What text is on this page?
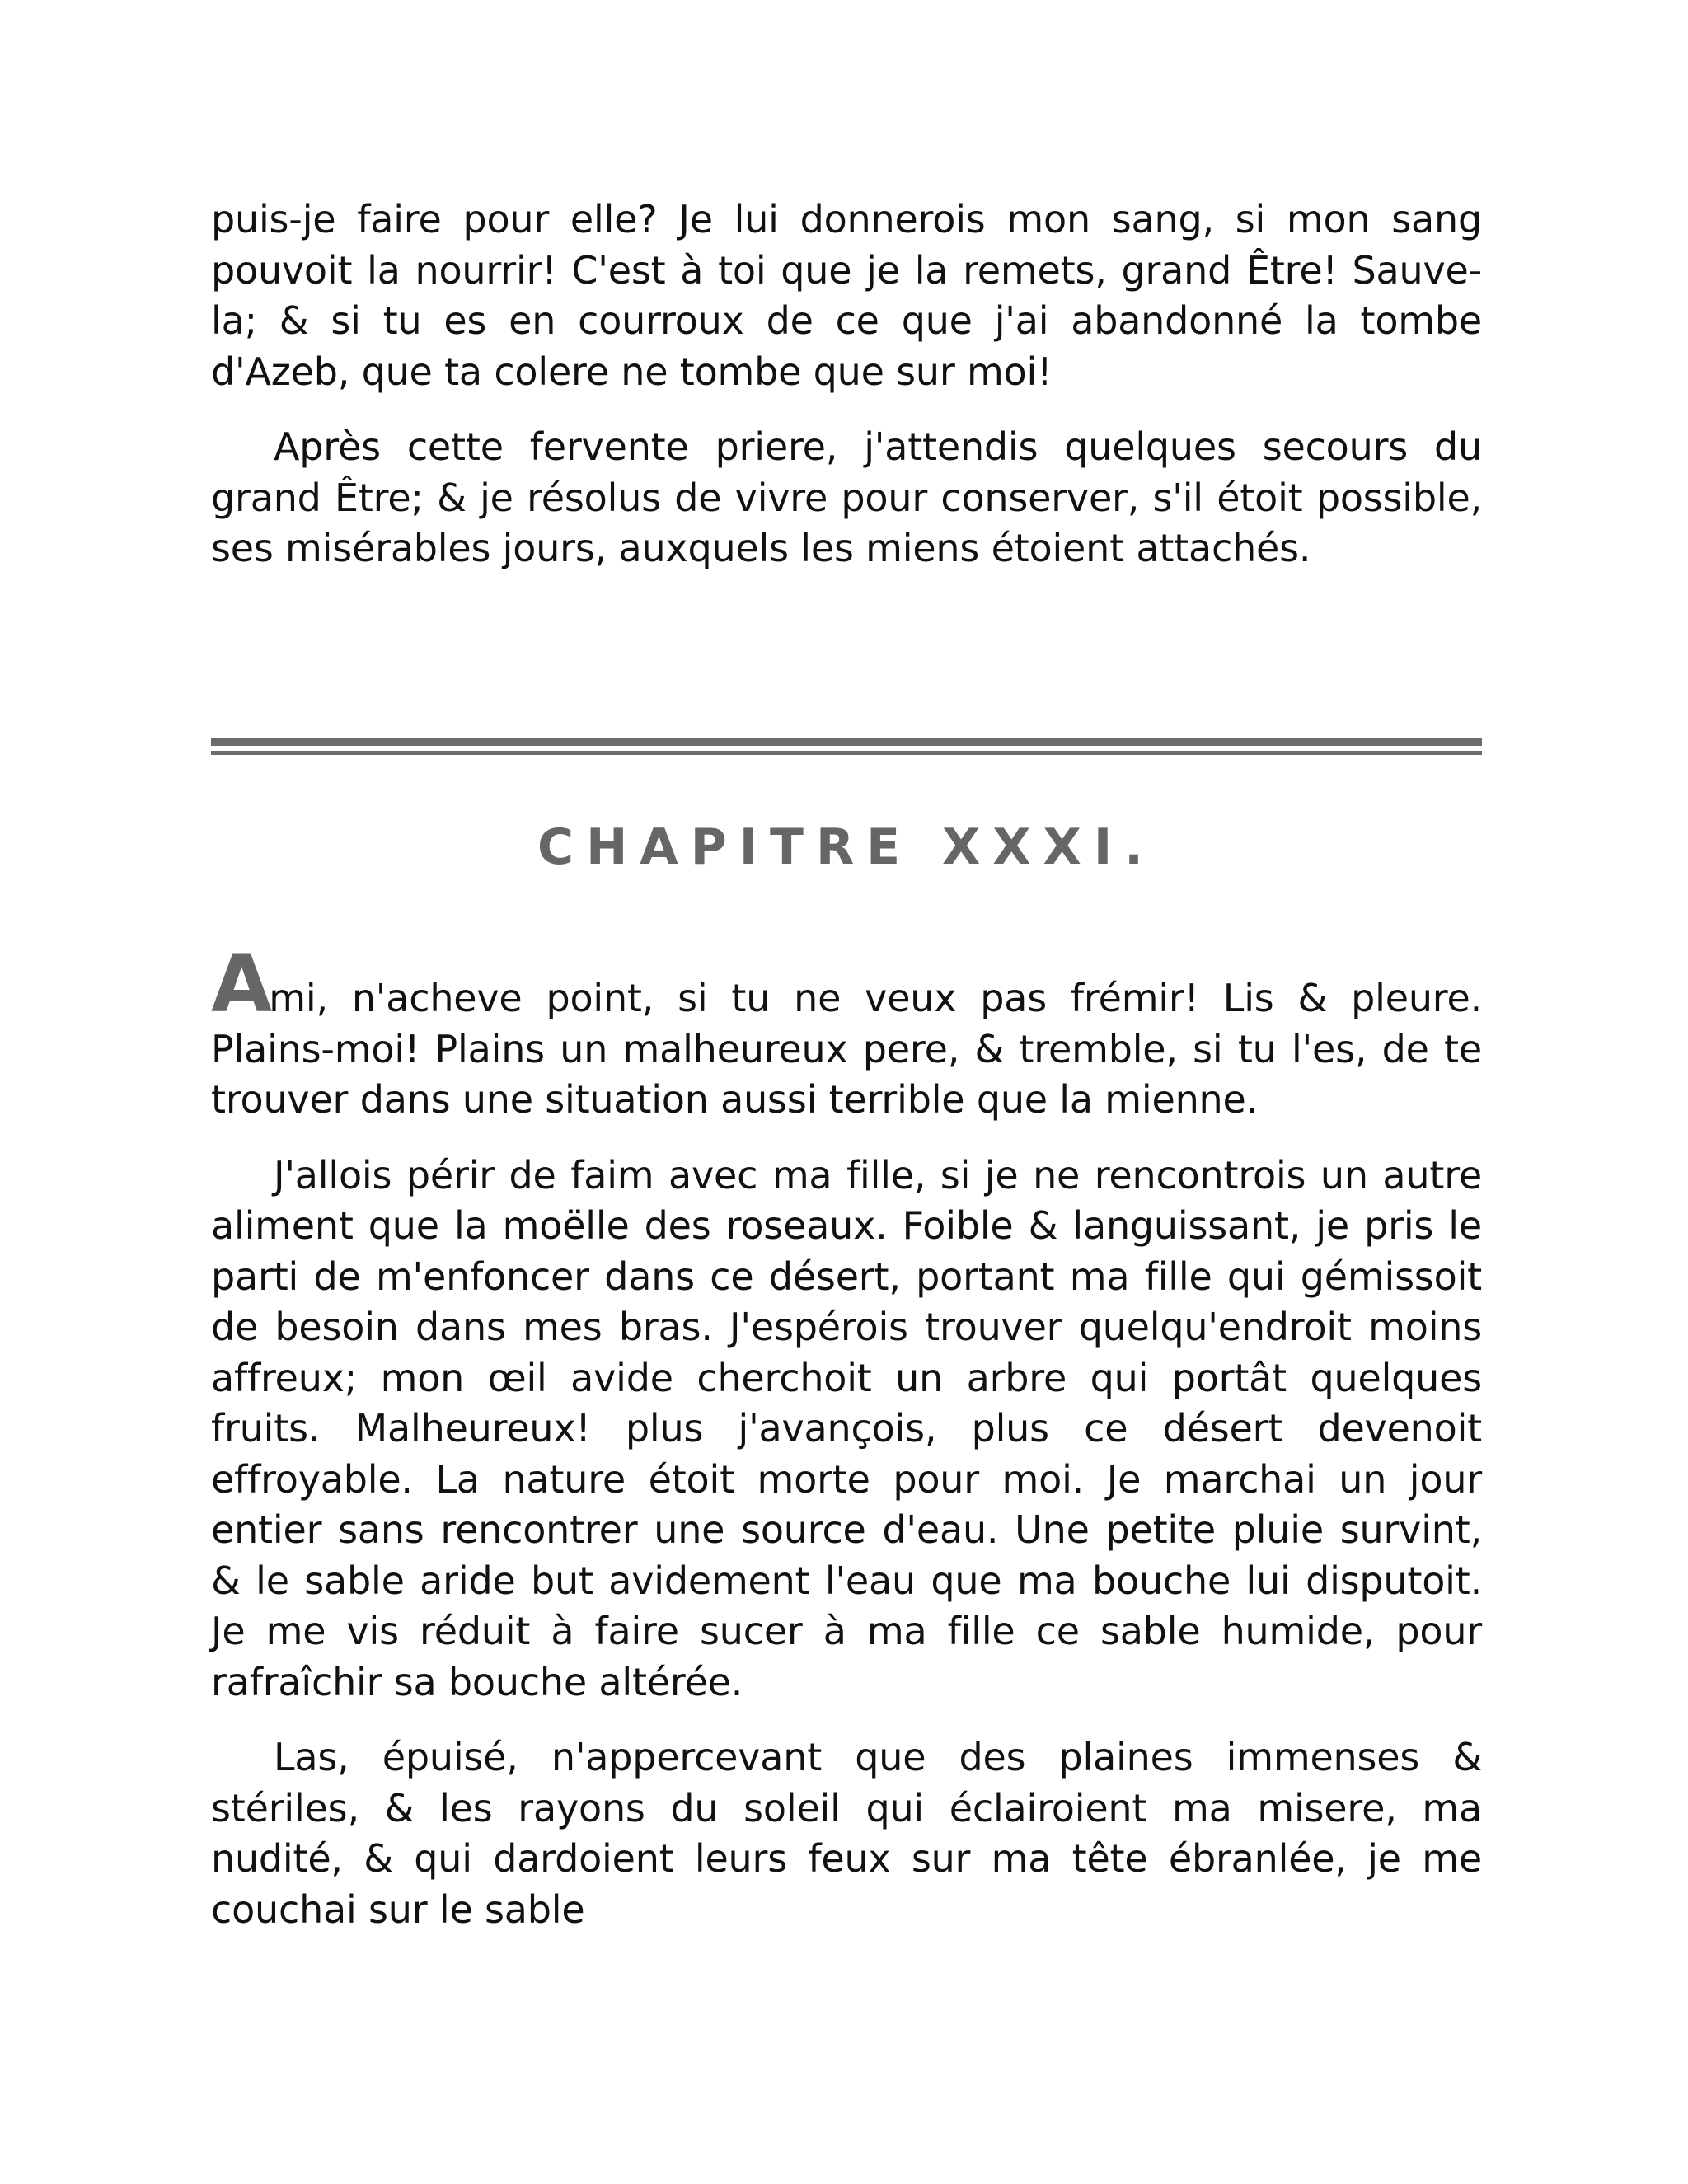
puis-je faire pour elle? Je lui donnerois mon sang, si mon sang pouvoit la nourrir! C'est à toi que je la remets, grand Être! Sauve-la; & si tu es en courroux de ce que j'ai abandonné la tombe d'Azeb, que ta colere ne tombe que sur moi!

Après cette fervente priere, j'attendis quelques secours du grand Être; & je résolus de vivre pour conserver, s'il étoit possible, ses misérables jours, auxquels les miens étoient attachés.

CHAPITRE XXXI.

Ami, n'acheve point, si tu ne veux pas frémir! Lis & pleure. Plains-moi! Plains un malheureux pere, & tremble, si tu l'es, de te trouver dans une situation aussi terrible que la mienne.

J'allois périr de faim avec ma fille, si je ne rencontrois un autre aliment que la moëlle des roseaux. Foible & languissant, je pris le parti de m'enfoncer dans ce désert, portant ma fille qui gémissoit de besoin dans mes bras. J'espérois trouver quelqu'endroit moins affreux; mon œil avide cherchoit un arbre qui portât quelques fruits. Malheureux! plus j'avançois, plus ce désert devenoit effroyable. La nature étoit morte pour moi. Je marchai un jour entier sans rencontrer une source d'eau. Une petite pluie survint, & le sable aride but avidement l'eau que ma bouche lui disputoit. Je me vis réduit à faire sucer à ma fille ce sable humide, pour rafraîchir sa bouche altérée.

Las, épuisé, n'appercevant que des plaines immenses & stériles, & les rayons du soleil qui éclairoient ma misere, ma nudité, & qui dardoient leurs feux sur ma tête ébranlée, je me couchai sur le sable
